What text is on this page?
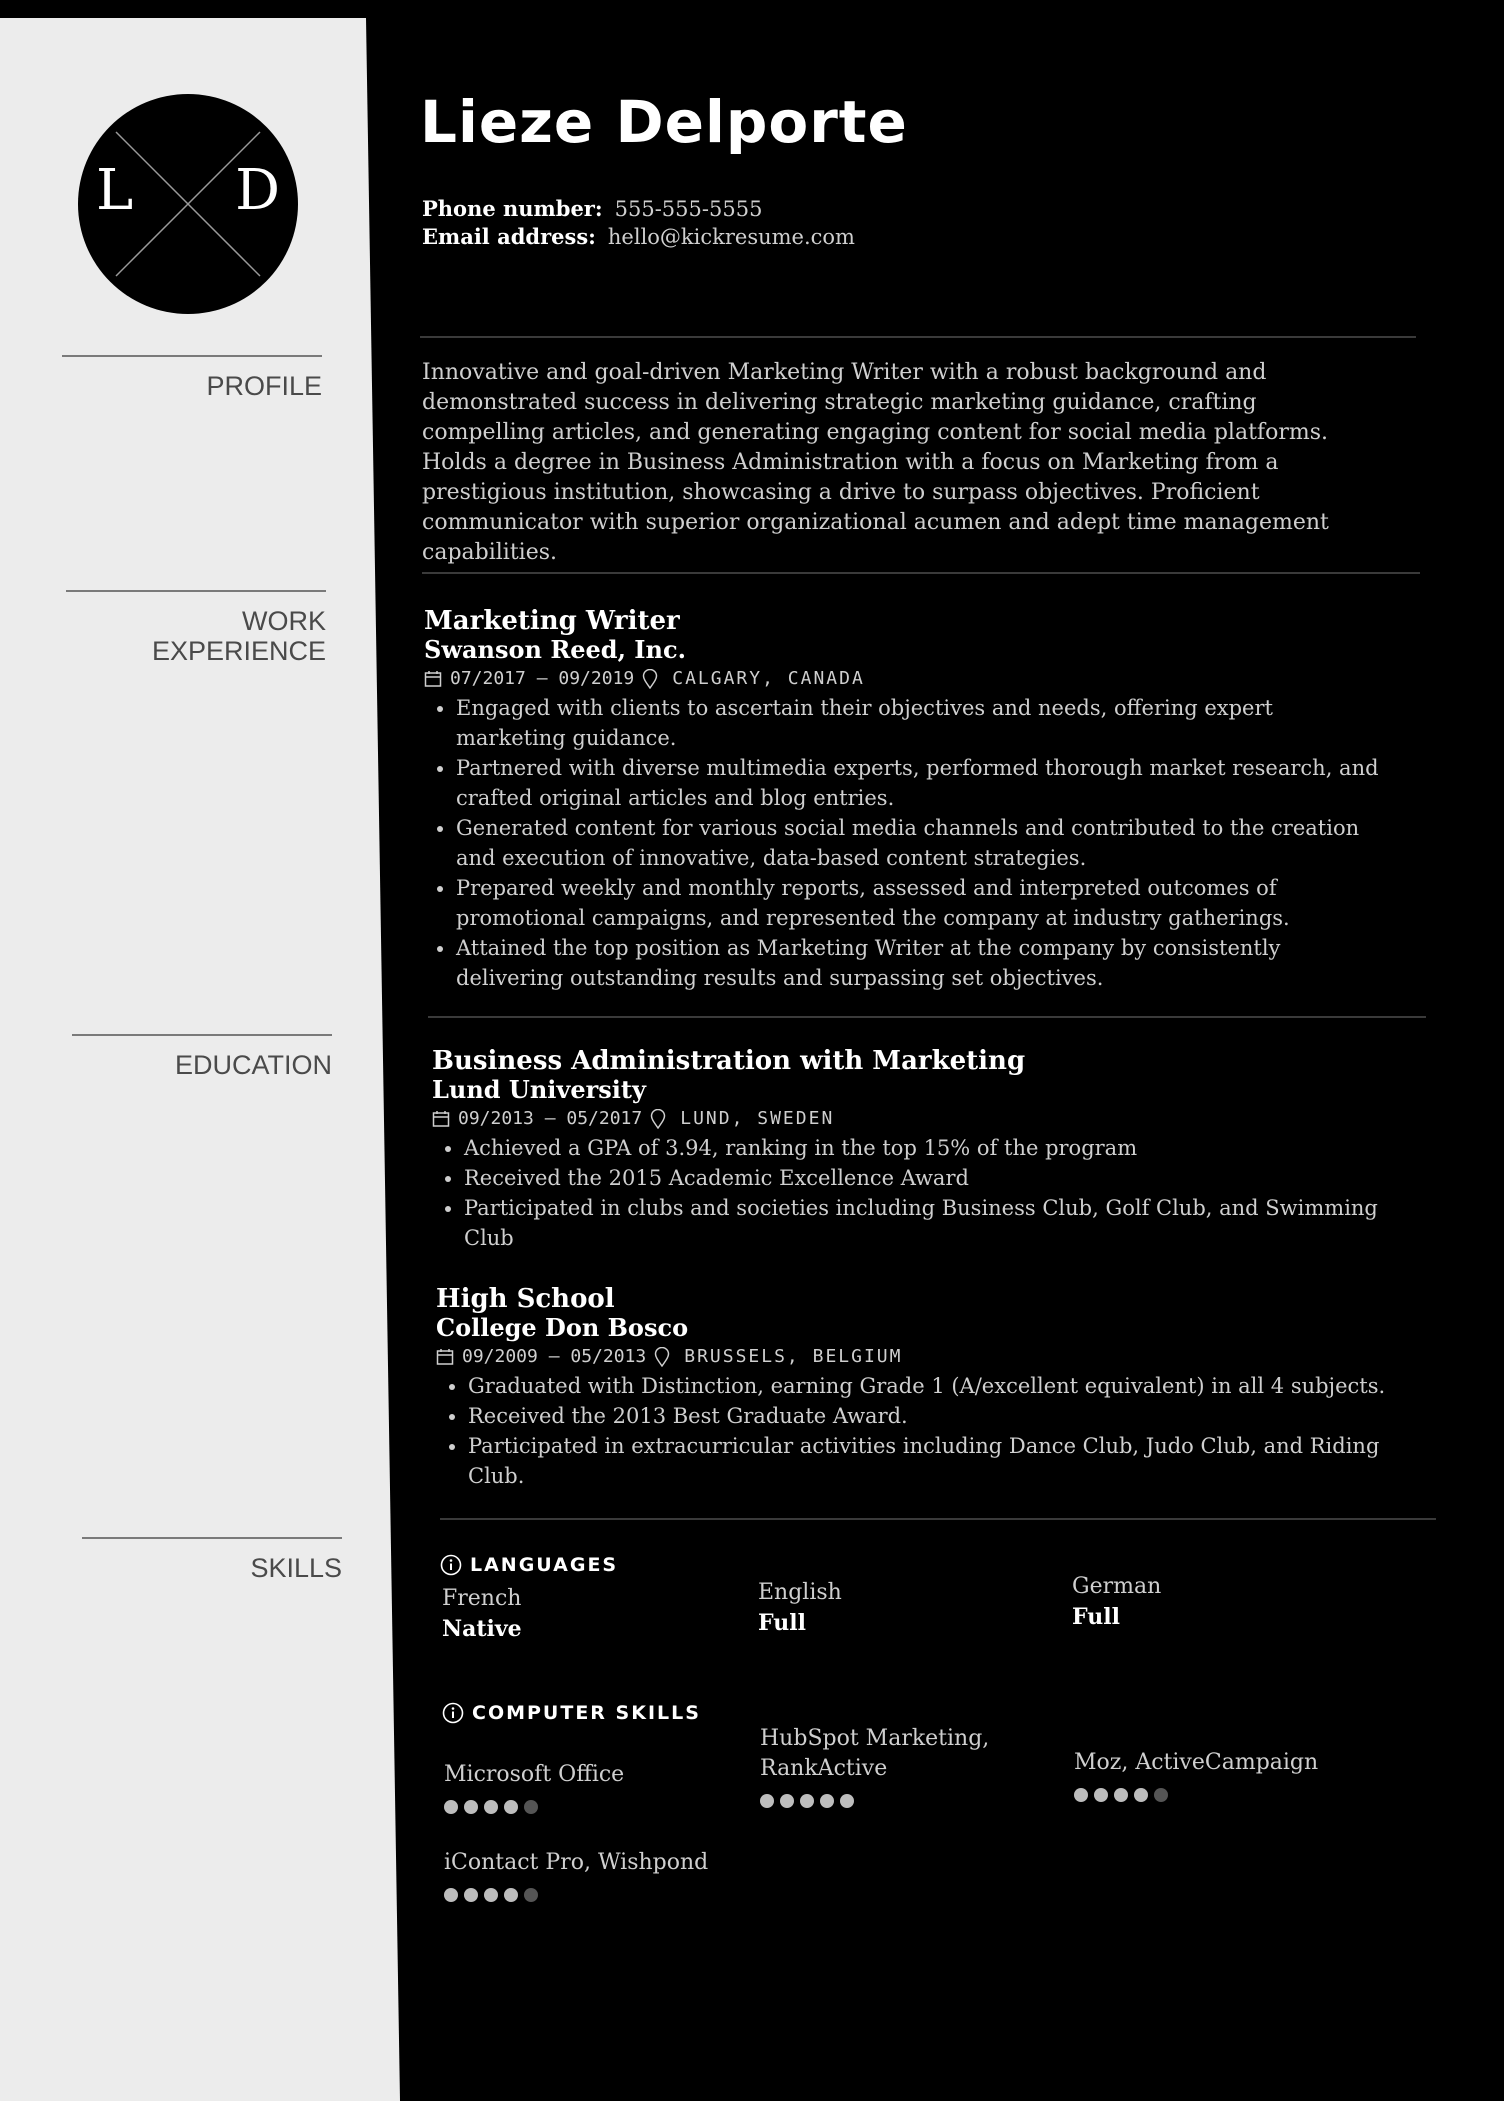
L D
PROFILE
WORK
EXPERIENCE
EDUCATION
SKILLS
Lieze Delporte
Phone number: 555-555-5555
Email address: hello@kickresume.com
Innovative and goal-driven Marketing Writer with a robust background and demonstrated success in delivering strategic marketing guidance, crafting compelling articles, and generating engaging content for social media platforms. Holds a degree in Business Administration with a focus on Marketing from a prestigious institution, showcasing a drive to surpass objectives. Proficient communicator with superior organizational acumen and adept time management capabilities.
Marketing Writer
Swanson Reed, Inc.
07/2017 — 09/2019 CALGARY, CANADA
• Engaged with clients to ascertain their objectives and needs, offering expert marketing guidance.
• Partnered with diverse multimedia experts, performed thorough market research, and crafted original articles and blog entries.
• Generated content for various social media channels and contributed to the creation and execution of innovative, data-based content strategies.
• Prepared weekly and monthly reports, assessed and interpreted outcomes of promotional campaigns, and represented the company at industry gatherings.
• Attained the top position as Marketing Writer at the company by consistently delivering outstanding results and surpassing set objectives.
Business Administration with Marketing
Lund University
09/2013 — 05/2017 LUND, SWEDEN
• Achieved a GPA of 3.94, ranking in the top 15% of the program
• Received the 2015 Academic Excellence Award
• Participated in clubs and societies including Business Club, Golf Club, and Swimming Club
High School
College Don Bosco
09/2009 — 05/2013 BRUSSELS, BELGIUM
• Graduated with Distinction, earning Grade 1 (A/excellent equivalent) in all 4 subjects.
• Received the 2013 Best Graduate Award.
• Participated in extracurricular activities including Dance Club, Judo Club, and Riding Club.
LANGUAGES
French
Native
English
Full
German
Full
COMPUTER SKILLS
Microsoft Office
HubSpot Marketing, RankActive	Moz, ActiveCampaign
iContact Pro, Wishpond
